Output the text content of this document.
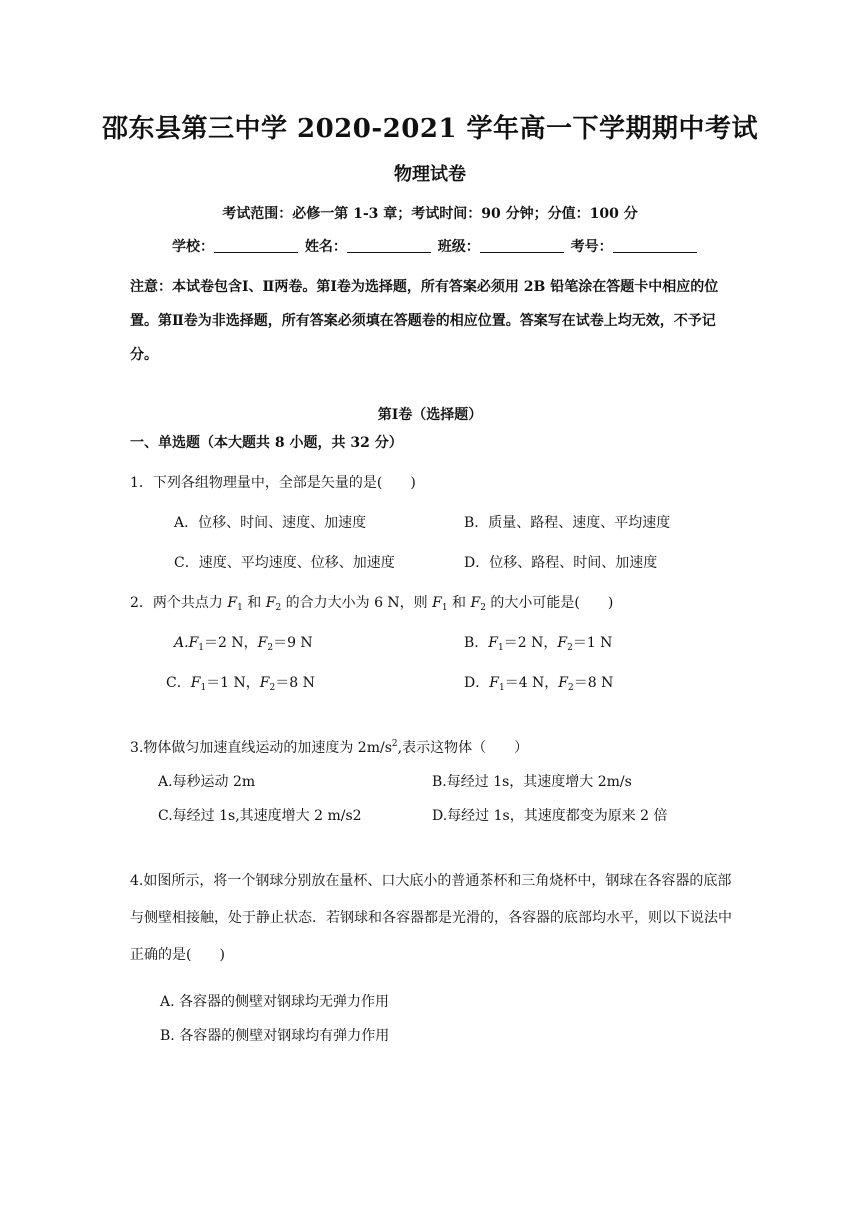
邵东县第三中学 2020-2021 学年高一下学期期中考试
物理试卷
考试范围：必修一第 1-3 章；考试时间：90 分钟；分值：100 分
学校：	姓名：	班级：	考号：
注意：本试卷包含Ⅰ、Ⅱ两卷。第Ⅰ卷为选择题，所有答案必须用 2B 铅笔涂在答题卡中相应的位置。第Ⅱ卷为非选择题，所有答案必须填在答题卷的相应位置。答案写在试卷上均无效，不予记分。
第Ⅰ卷（选择题）
一、单选题（本大题共 8 小题，共 32 分）
1．下列各组物理量中，全部是矢量的是(　　)
A．位移、时间、速度、加速度	B．质量、路程、速度、平均速度
C．速度、平均速度、位移、加速度	D．位移、路程、时间、加速度
2．两个共点力 $F_1$ 和 $F_2$ 的合力大小为 6 N，则 $F_1$ 和 $F_2$ 的大小可能是(　　)
$A.F_1=2$ N，$F_2=9$ N	B．$F_1=2$ N，$F_2=1$ N
C．$F_1=1$ N，$F_2=8$ N	D．$F_1=4$ N，$F_2=8$ N
3.物体做匀加速直线运动的加速度为 $2m/s^2$,表示这物体（　　）
A.每秒运动 2m	B.每经过 1s，其速度增大 2m/s
C.每经过 1s,其速度增大 2 m/s2	D.每经过 1s，其速度都变为原来 2 倍
4.如图所示，将一个钢球分别放在量杯、口大底小的普通茶杯和三角烧杯中，钢球在各容器的底部与侧壁相接触，处于静止状态．若钢球和各容器都是光滑的，各容器的底部均水平，则以下说法中正确的是(　　)
A. 各容器的侧壁对钢球均无弹力作用
B. 各容器的侧壁对钢球均有弹力作用
